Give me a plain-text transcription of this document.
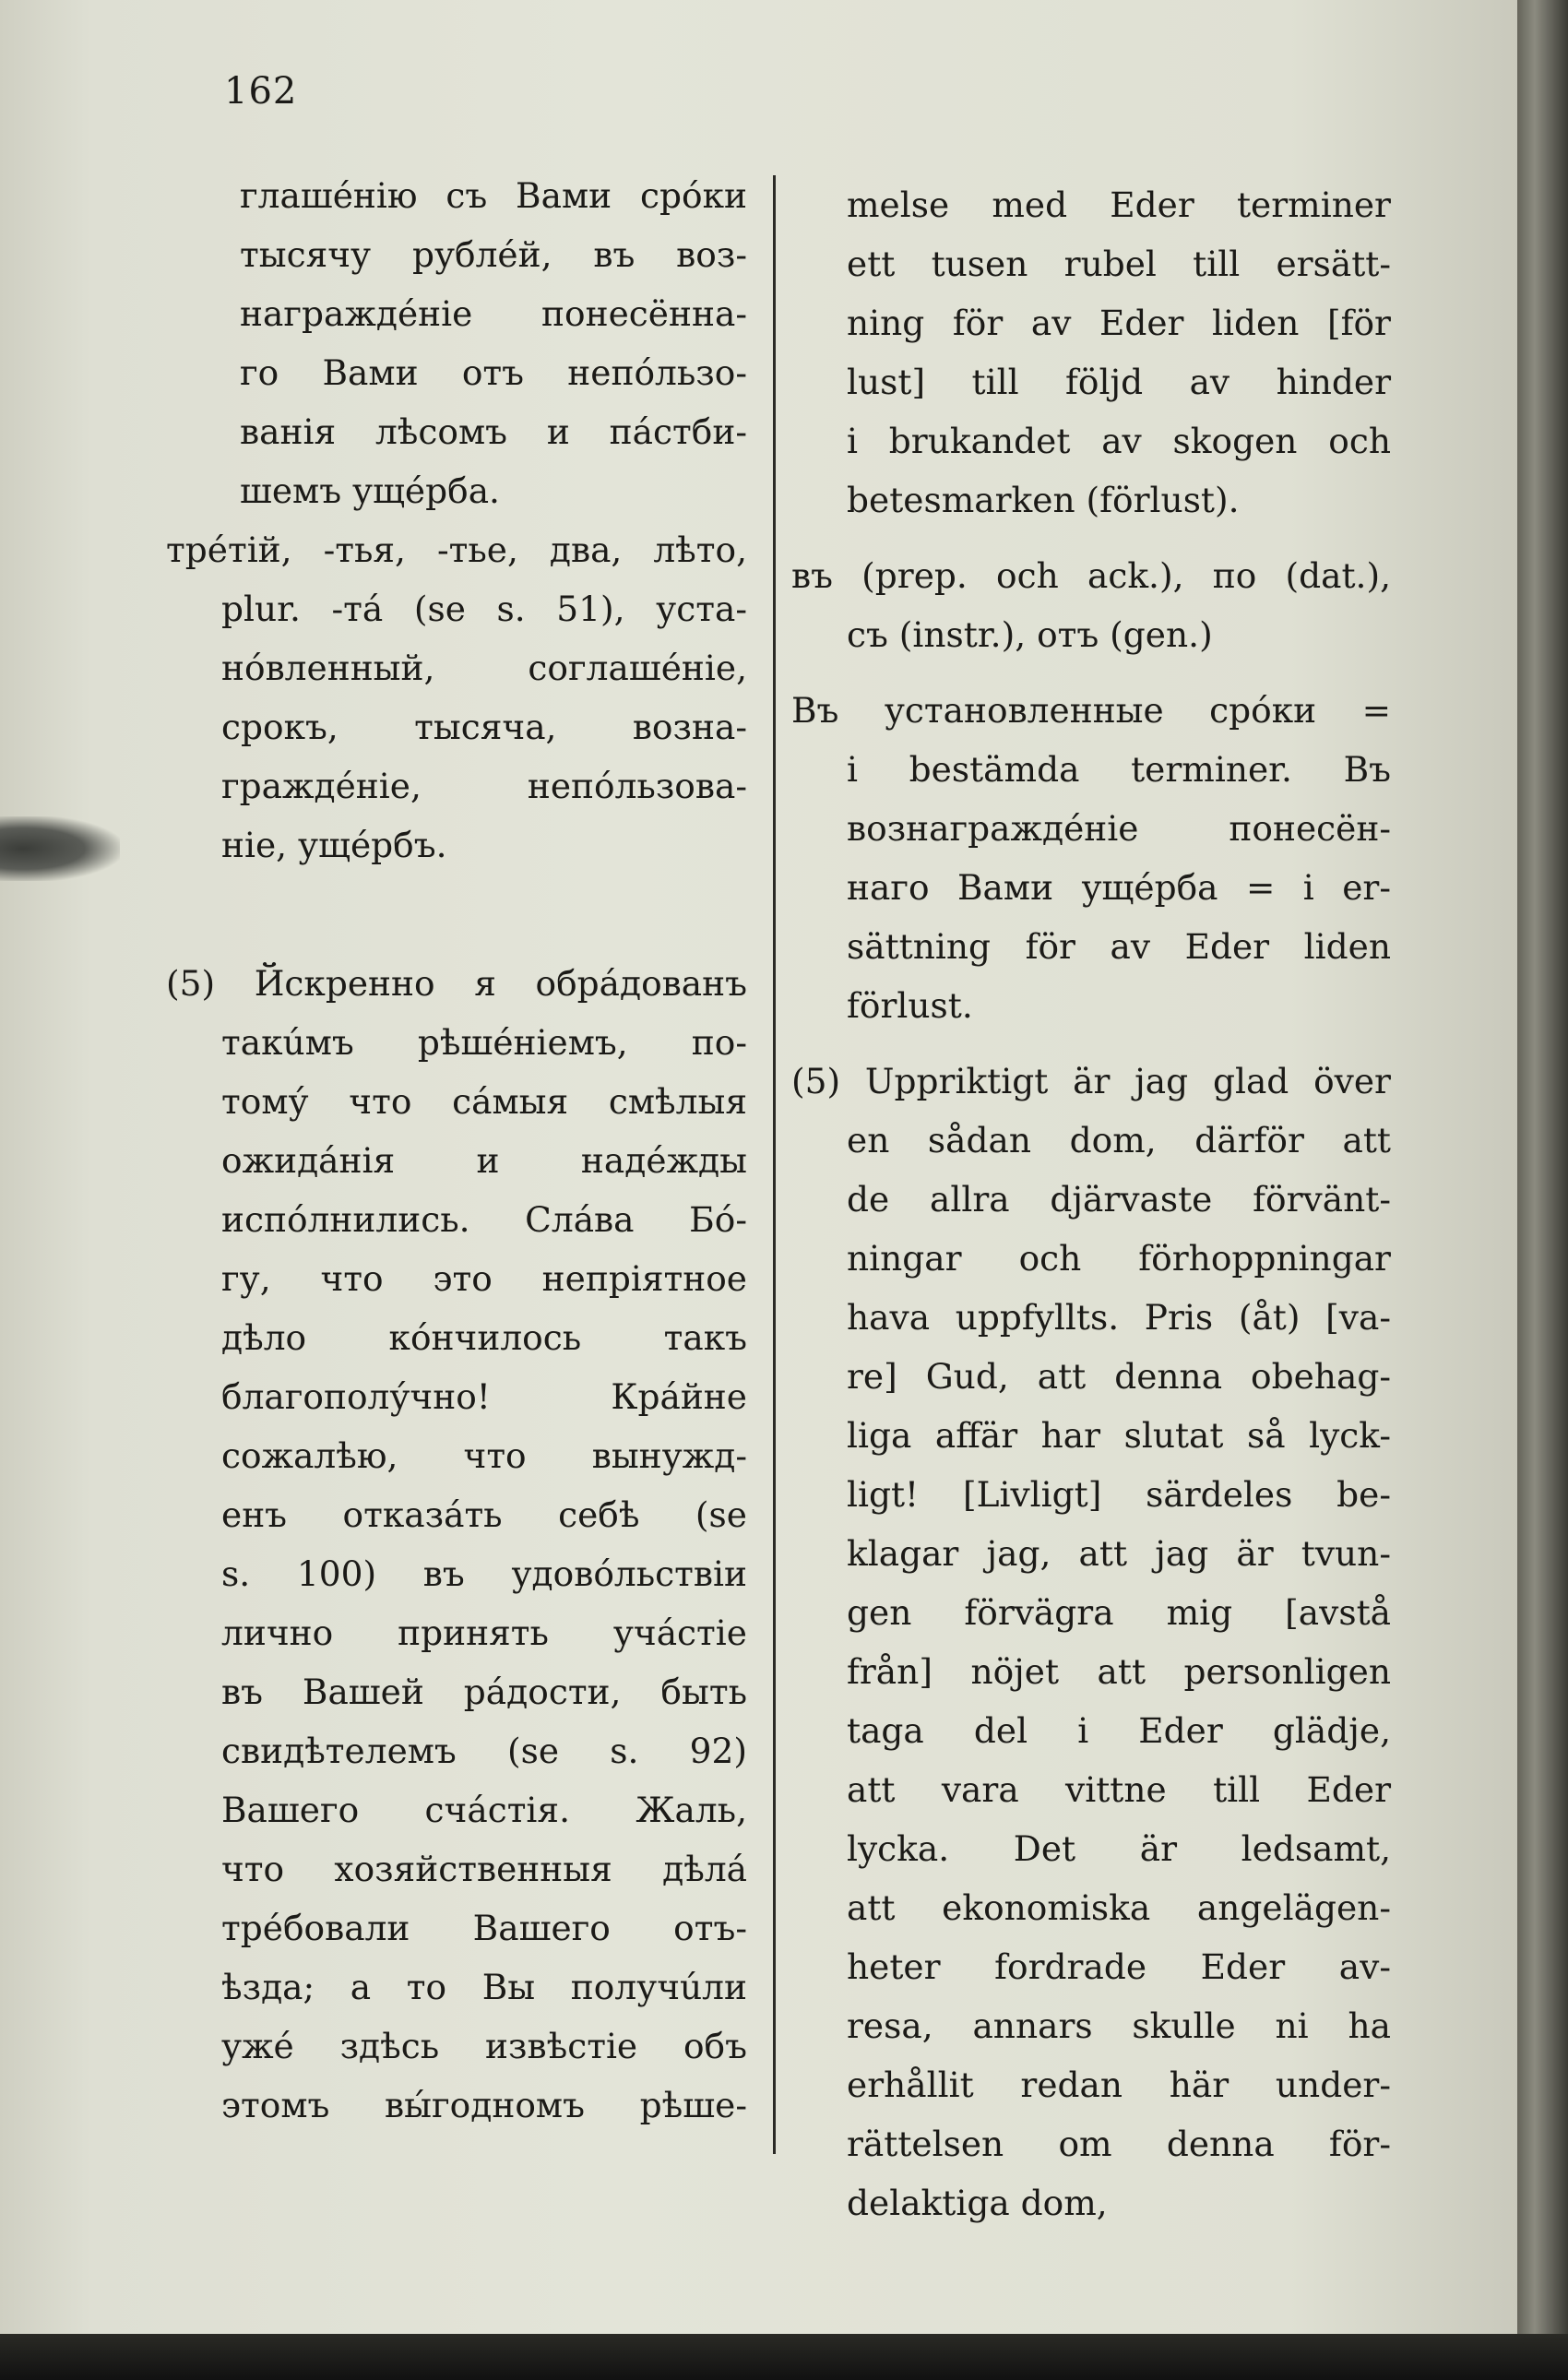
162
глашéнію съ Вами срóки
тысячу рублéй, въ воз-
награждéніе понесённа-
го Вами отъ непóльзо-
ванія лѣсомъ и пáстби-
шемъ ущéрба.
трéтій, -тья, -тье, два, лѣто,
plur. -тá (se s. 51), уста-
нóвленный, соглашéніе,
срокъ, тысяча, возна-
граждéніе, непóльзова-
ніе, ущéрбъ.
(5) Йскренно я обрáдованъ
такúмъ рѣшéніемъ, по-
тому́ что сáмыя смѣлыя
ожидáнія и надéжды
испóлнились. Слáва Бó-
гу, что это непріятное
дѣло кóнчилось такъ
благополу́чно! Крáйне
сожалѣю, что вынужд-
енъ отказáть себѣ (se
s. 100) въ удовóльствіи
лично принять учáстіе
въ Вашей рáдости, быть
свидѣтелемъ (se s. 92)
Вашего счáстія. Жаль,
что хозяйственныя дѣлá
трéбовали Вашего отъ-
ѣзда; а то Вы получúли
ужé здѣсь извѣстіе объ
этомъ вы́годномъ рѣше-
melse med Eder terminer
ett tusen rubel till ersätt-
ning för av Eder liden [för
lust] till följd av hinder
i brukandet av skogen och
betesmarken (förlust).
въ (prep. och ack.), по (dat.),
съ (instr.), отъ (gen.)
Въ установленные срóки =
i bestämda terminer. Въ
вознаграждéніе понесён-
наго Вами ущéрба = i er-
sättning för av Eder liden
förlust.
(5) Uppriktigt är jag glad över
en sådan dom, därför att
de allra djärvaste förvänt-
ningar och förhoppningar
hava uppfyllts. Pris (åt) [va-
re] Gud, att denna obehag-
liga affär har slutat så lyck-
ligt! [Livligt] särdeles be-
klagar jag, att jag är tvun-
gen förvägra mig [avstå
från] nöjet att personligen
taga del i Eder glädje,
att vara vittne till Eder
lycka. Det är ledsamt,
att ekonomiska angelägen-
heter fordrade Eder av-
resa, annars skulle ni ha
erhållit redan här under-
rättelsen om denna för-
delaktiga dom,
